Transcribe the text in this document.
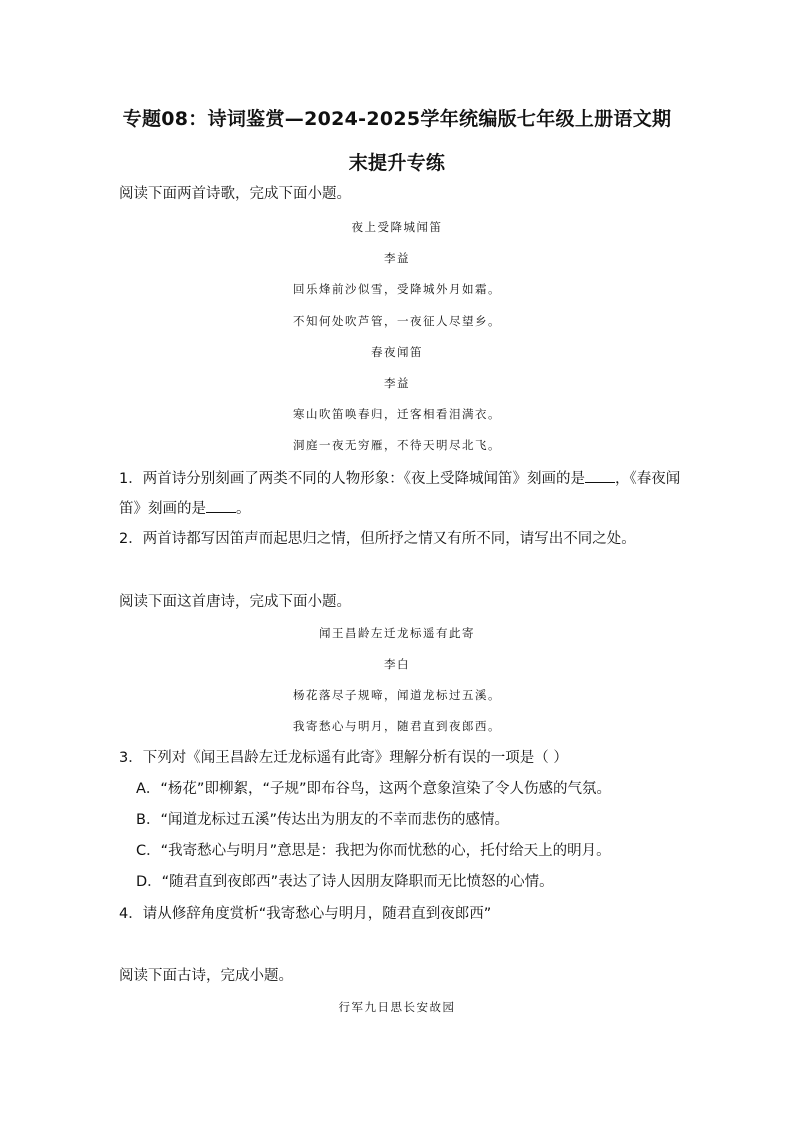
专题08：诗词鉴赏—2024-2025学年统编版七年级上册语文期
末提升专练
阅读下面两首诗歌，完成下面小题。
夜上受降城闻笛
李益
回乐烽前沙似雪，受降城外月如霜。
不知何处吹芦管，一夜征人尽望乡。
春夜闻笛
李益
寒山吹笛唤春归，迁客相看泪满衣。
洞庭一夜无穷雁，不待天明尽北飞。
1．两首诗分别刻画了两类不同的人物形象：《夜上受降城闻笛》刻画的是 ，《春夜闻
笛》刻画的是 。
2．两首诗都写因笛声而起思归之情，但所抒之情又有所不同，请写出不同之处。
阅读下面这首唐诗，完成下面小题。
闻王昌龄左迁龙标遥有此寄
李白
杨花落尽子规啼，闻道龙标过五溪。
我寄愁心与明月，随君直到夜郎西。
3．下列对《闻王昌龄左迁龙标遥有此寄》理解分析有误的一项是（ ）
A．“杨花”即柳絮，“子规”即布谷鸟，这两个意象渲染了令人伤感的气氛。
B．“闻道龙标过五溪”传达出为朋友的不幸而悲伤的感情。
C．“我寄愁心与明月”意思是：我把为你而忧愁的心，托付给天上的明月。
D．“随君直到夜郎西”表达了诗人因朋友降职而无比愤怒的心情。
4．请从修辞角度赏析“我寄愁心与明月，随君直到夜郎西”
阅读下面古诗，完成小题。
行军九日思长安故园
